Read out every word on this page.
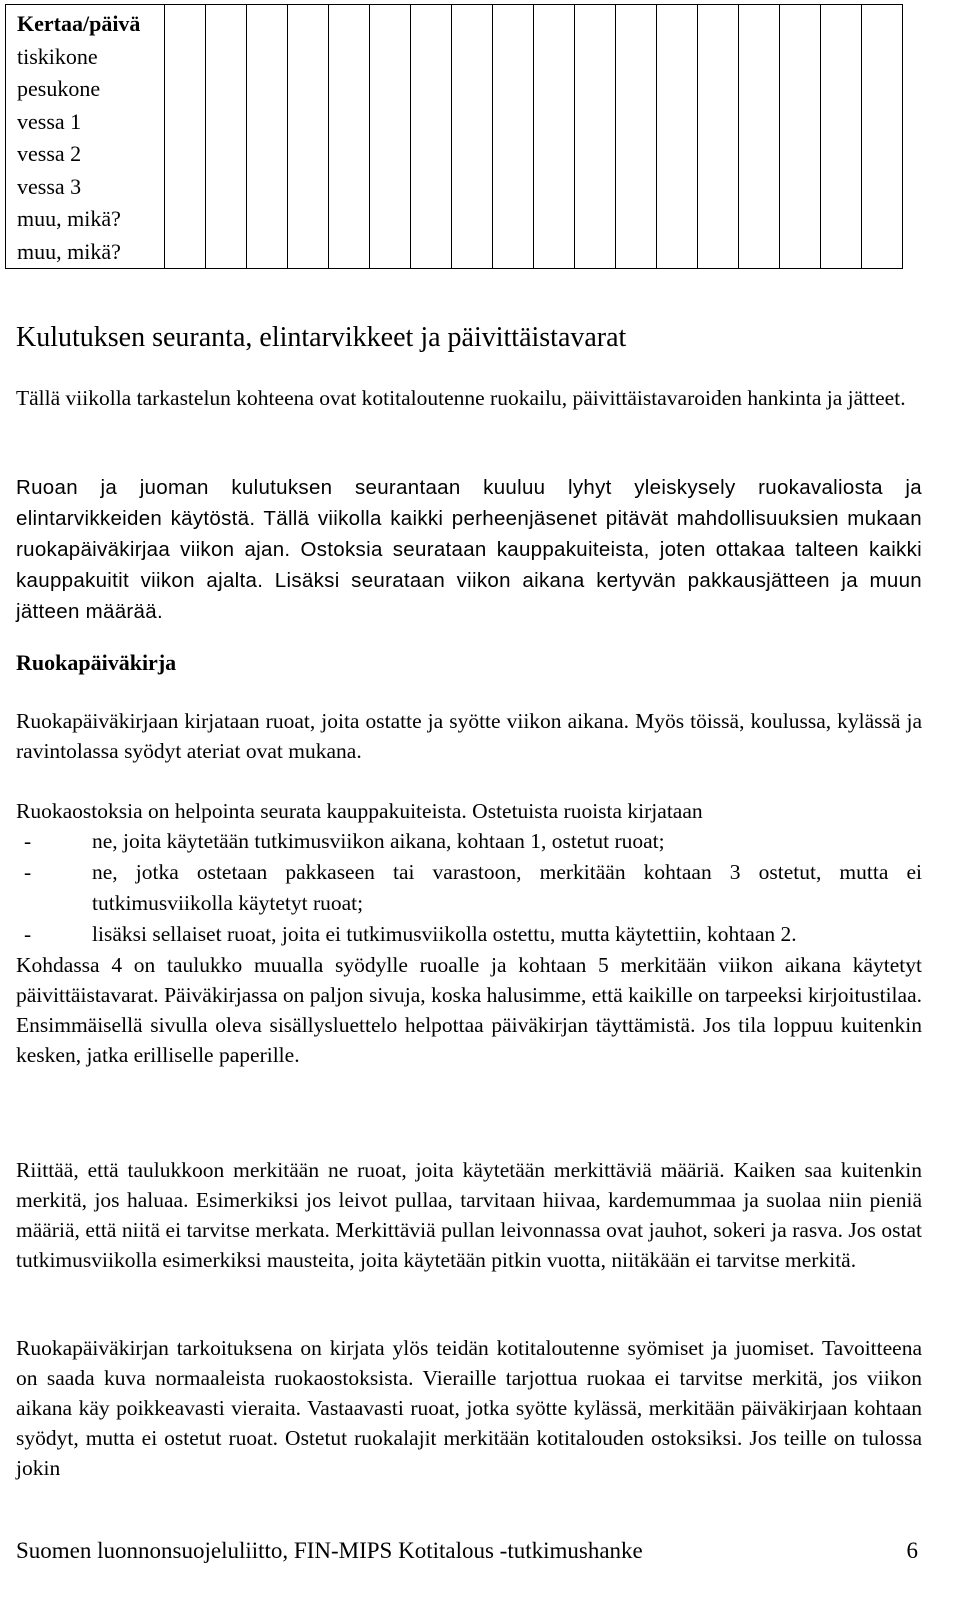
Kertaa/päivä
tiskikone
pesukone
vessa 1
vessa 2
vessa 3
muu, mikä?
muu, mikä?

Kulutuksen seuranta, elintarvikkeet ja päivittäistavarat

Tällä viikolla tarkastelun kohteena ovat kotitaloutenne ruokailu, päivittäistavaroiden hankinta ja jätteet.

Ruoan ja juoman kulutuksen seurantaan kuuluu lyhyt yleiskysely ruokavaliosta ja elintarvikkeiden käytöstä. Tällä viikolla kaikki perheenjäsenet pitävät mahdollisuuksien mukaan ruokapäiväkirjaa viikon ajan. Ostoksia seurataan kauppakuiteista, joten ottakaa talteen kaikki kauppakuitit viikon ajalta. Lisäksi seurataan viikon aikana kertyvän pakkausjätteen ja muun jätteen määrää.

Ruokapäiväkirja

Ruokapäiväkirjaan kirjataan ruoat, joita ostatte ja syötte viikon aikana. Myös töissä, koulussa, kylässä ja ravintolassa syödyt ateriat ovat mukana.

Ruokaostoksia on helpointa seurata kauppakuiteista. Ostetuista ruoista kirjataan

-	ne, joita käytetään tutkimusviikon aikana, kohtaan 1, ostetut ruoat;
-	ne, jotka ostetaan pakkaseen tai varastoon, merkitään kohtaan 3 ostetut, mutta ei tutkimusviikolla käytetyt ruoat;
-	lisäksi sellaiset ruoat, joita ei tutkimusviikolla ostettu, mutta käytettiin, kohtaan 2.

Kohdassa 4 on taulukko muualla syödylle ruoalle ja kohtaan 5 merkitään viikon aikana käytetyt päivittäistavarat. Päiväkirjassa on paljon sivuja, koska halusimme, että kaikille on tarpeeksi kirjoitustilaa. Ensimmäisellä sivulla oleva sisällysluettelo helpottaa päiväkirjan täyttämistä. Jos tila loppuu kuitenkin kesken, jatka erilliselle paperille.

Riittää, että taulukkoon merkitään ne ruoat, joita käytetään merkittäviä määriä. Kaiken saa kuitenkin merkitä, jos haluaa. Esimerkiksi jos leivot pullaa, tarvitaan hiivaa, kardemummaa ja suolaa niin pieniä määriä, että niitä ei tarvitse merkata. Merkittäviä pullan leivonnassa ovat jauhot, sokeri ja rasva. Jos ostat tutkimusviikolla esimerkiksi mausteita, joita käytetään pitkin vuotta, niitäkään ei tarvitse merkitä.

Ruokapäiväkirjan tarkoituksena on kirjata ylös teidän kotitaloutenne syömiset ja juomiset. Tavoitteena on saada kuva normaaleista ruokaostoksista. Vieraille tarjottua ruokaa ei tarvitse merkitä, jos viikon aikana käy poikkeavasti vieraita. Vastaavasti ruoat, jotka syötte kylässä, merkitään päiväkirjaan kohtaan syödyt, mutta ei ostetut ruoat. Ostetut ruokalajit merkitään kotitalouden ostoksiksi. Jos teille on tulossa jokin

Suomen luonnonsuojeluliitto, FIN-MIPS Kotitalous -tutkimushanke	6
